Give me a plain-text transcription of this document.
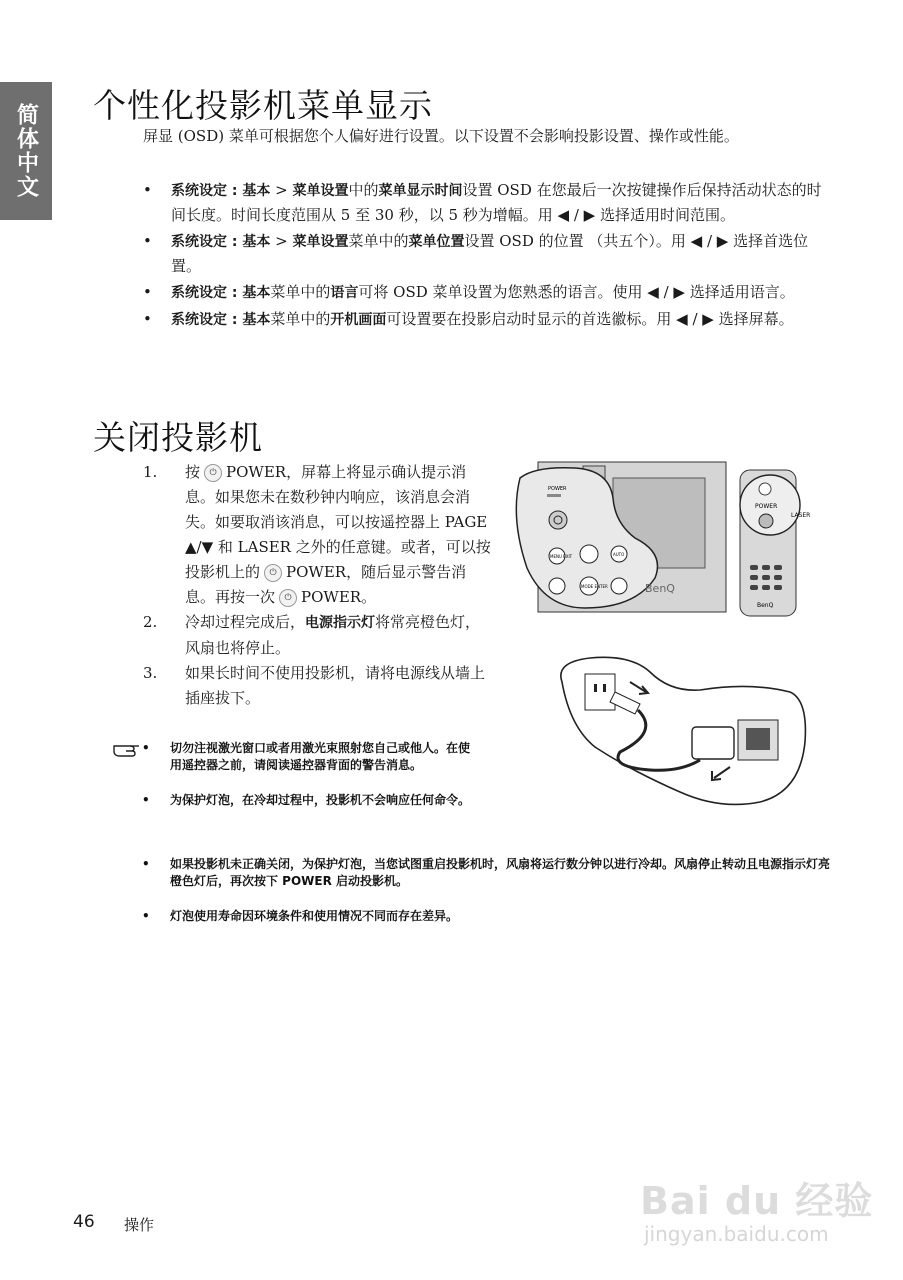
简体中文	个性化投影机菜单显示
屏显 (OSD) 菜单可根据您个人偏好进行设置。以下设置不会影响投影设置、操作或性能。
• 系统设定 : 基本 > 菜单设置中的菜单显示时间设置 OSD 在您最后一次按键操作后保持活动状态的时间长度。时间长度范围从 5 至 30 秒，以 5 秒为增幅。用 ◀ / ▶ 选择适用时间范围。
• 系统设定 : 基本 > 菜单设置菜单中的菜单位置设置 OSD 的位置 （共五个）。用 ◀ / ▶ 选择首选位置。
• 系统设定 : 基本菜单中的语言可将 OSD 菜单设置为您熟悉的语言。使用 ◀ / ▶ 选择适用语言。
• 系统设定 : 基本菜单中的开机画面可设置要在投影启动时显示的首选徽标。用 ◀ / ▶ 选择屏幕。
关闭投影机
1. 按 ⏻ POWER，屏幕上将显示确认提示消息。如果您未在数秒钟内响应，该消息会消失。如要取消该消息，可以按遥控器上 PAGE ▲/▼ 和 LASER 之外的任意键。或者，可以按投影机上的 ⏻ POWER，随后显示警告消息。再按一次 ⏻ POWER。
2. 冷却过程完成后，电源指示灯将常亮橙色灯，风扇也将停止。
3. 如果长时间不使用投影机，请将电源线从墙上插座拔下。
• 切勿注视激光窗口或者用激光束照射您自己或他人。在使用遥控器之前，请阅读遥控器背面的警告消息。
• 为保护灯泡，在冷却过程中，投影机不会响应任何命令。
• 如果投影机未正确关闭，为保护灯泡，当您试图重启投影机时，风扇将运行数分钟以进行冷却。风扇停止转动且电源指示灯亮橙色灯后，再次按下 POWER 启动投影机。
• 灯泡使用寿命因环境条件和使用情况不同而存在差异。
POWER
MENU EXIT	AUTO
MODE ENTER	BenQ
POWER
LASER
BenQ
Bai du 经验
jingyan.baidu.com
46 操作
